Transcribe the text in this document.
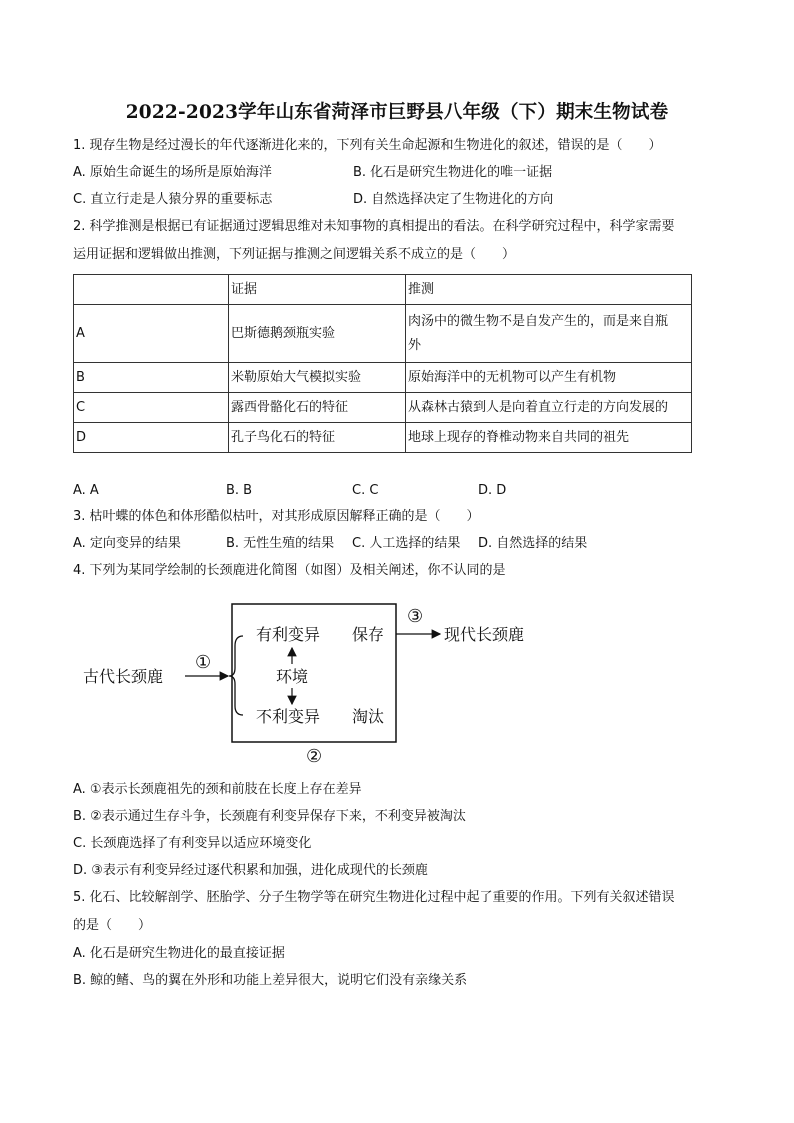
2022-2023学年山东省菏泽市巨野县八年级（下）期末生物试卷
1. 现存生物是经过漫长的年代逐渐进化来的，下列有关生命起源和生物进化的叙述，错误的是（　　）
A. 原始生命诞生的场所是原始海洋	B. 化石是研究生物进化的唯一证据
C. 直立行走是人猿分界的重要标志	D. 自然选择决定了生物进化的方向
2. 科学推测是根据已有证据通过逻辑思维对未知事物的真相提出的看法。在科学研究过程中，科学家需要
运用证据和逻辑做出推测，下列证据与推测之间逻辑关系不成立的是（　　）
	证据	推测
A	巴斯德鹅颈瓶实验	肉汤中的微生物不是自发产生的，而是来自瓶
外

B	米勒原始大气模拟实验	原始海洋中的无机物可以产生有机物
C	露西骨骼化石的特征	从森林古猿到人是向着直立行走的方向发展的
D	孔子鸟化石的特征	地球上现存的脊椎动物来自共同的祖先
A. A	B. B	C. C	D. D
3. 枯叶蝶的体色和体形酷似枯叶，对其形成原因解释正确的是（　　）
A. 定向变异的结果	B. 无性生殖的结果 C. 人工选择的结果 D. 自然选择的结果
4. 下列为某同学绘制的长颈鹿进化简图（如图）及相关阐述，你不认同的是
古代长颈鹿
①
有利变异 保存
环境
不利变异 淘汰
②
③
现代长颈鹿
A. ①表示长颈鹿祖先的颈和前肢在长度上存在差异
B. ②表示通过生存斗争，长颈鹿有利变异保存下来，不利变异被淘汰
C. 长颈鹿选择了有利变异以适应环境变化
D. ③表示有利变异经过逐代积累和加强，进化成现代的长颈鹿
5. 化石、比较解剖学、胚胎学、分子生物学等在研究生物进化过程中起了重要的作用。下列有关叙述错误
的是（　　）
A. 化石是研究生物进化的最直接证据
B. 鲸的鳍、鸟的翼在外形和功能上差异很大，说明它们没有亲缘关系
